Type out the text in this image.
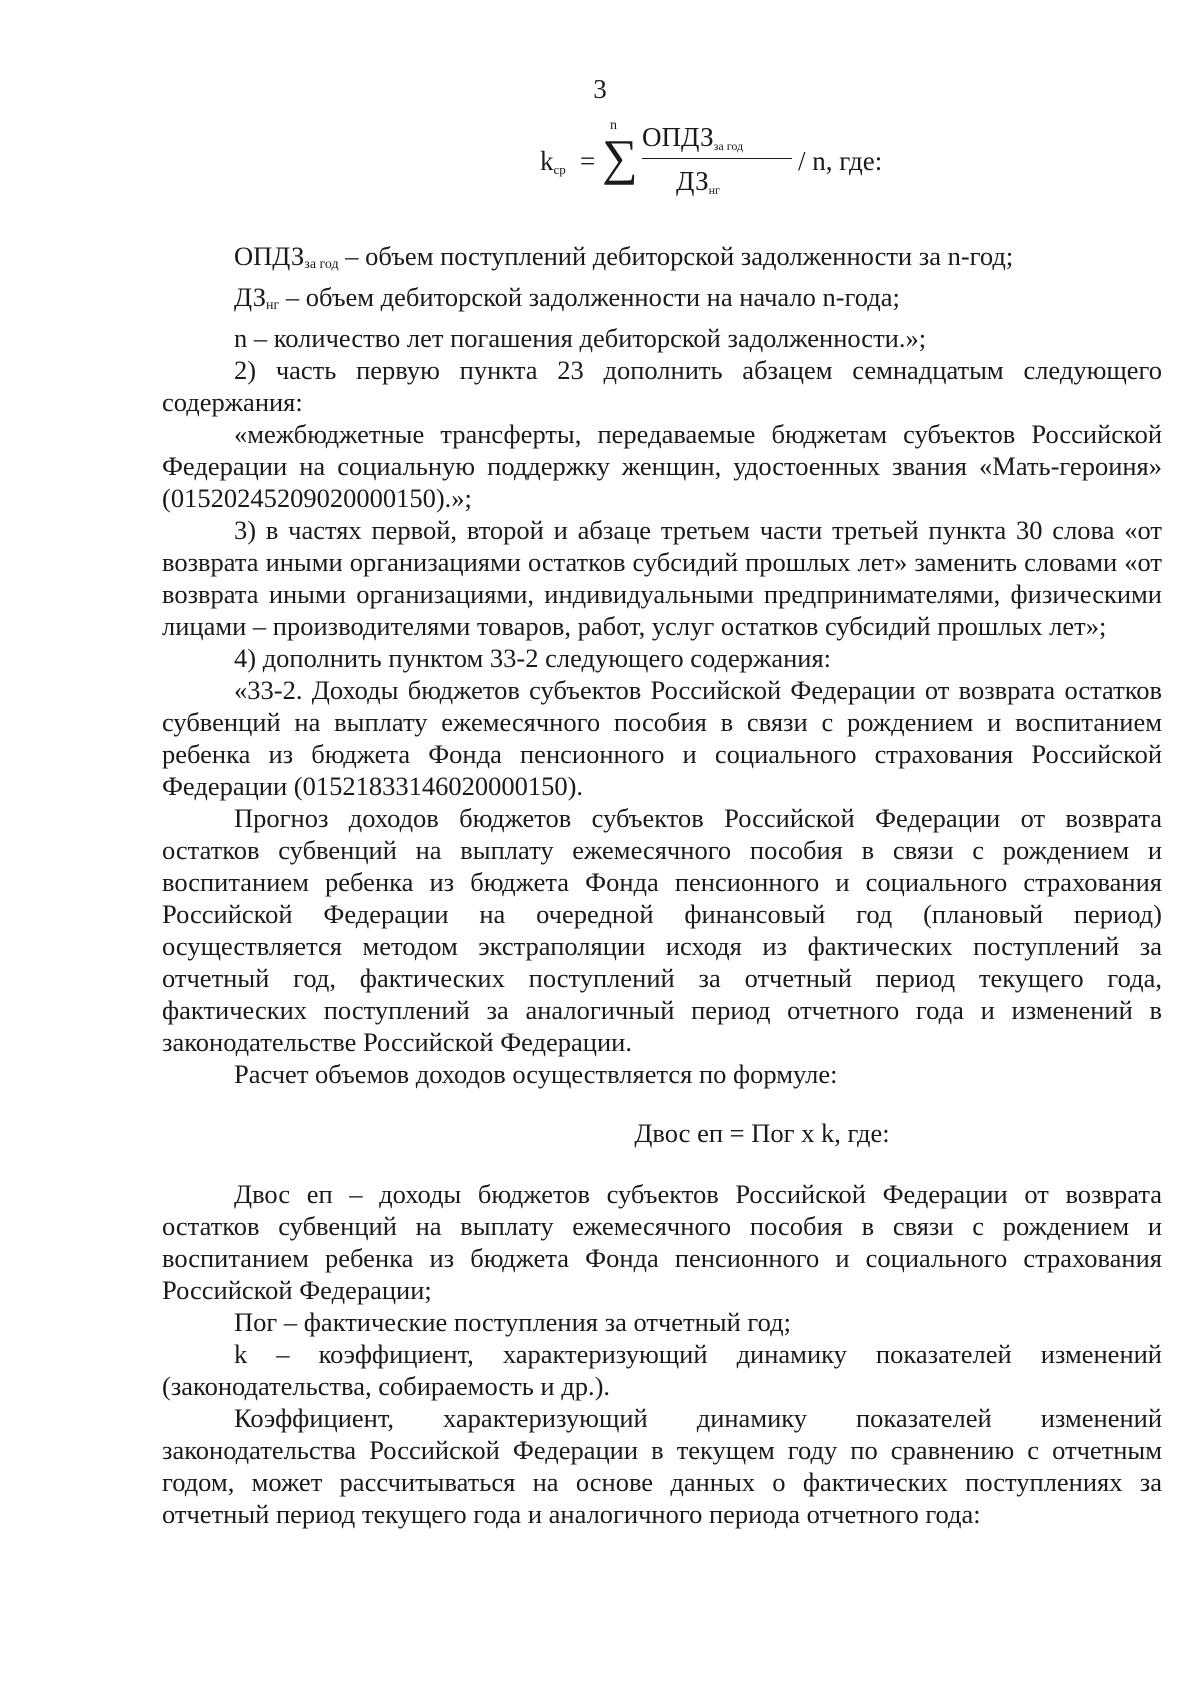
3
$k_{ср}$ =
n
∑ $ОПДЗ_{за год}$
$ДЗ_{нг}$
/ n, где:

$ОПДЗ_{за год}$ – объем поступлений дебиторской задолженности за n-год;

$ДЗ_{нг}$ – объем дебиторской задолженности на начало n-года;

n – количество лет погашения дебиторской задолженности.»;

2) часть первую пункта 23 дополнить абзацем семнадцатым следующего содержания:

«межбюджетные трансферты, передаваемые бюджетам субъектов Российской Федерации на социальную поддержку женщин, удостоенных звания «Мать-героиня» (01520245209020000150).»;

3) в частях первой, второй и абзаце третьем части третьей пункта 30 слова «от возврата иными организациями остатков субсидий прошлых лет» заменить словами «от возврата иными организациями, индивидуальными предпринимателями, физическими лицами – производителями товаров, работ, услуг остатков субсидий прошлых лет»;

4) дополнить пунктом 33-2 следующего содержания:

«33-2. Доходы бюджетов субъектов Российской Федерации от возврата остатков субвенций на выплату ежемесячного пособия в связи с рождением и воспитанием ребенка из бюджета Фонда пенсионного и социального страхования Российской Федерации (01521833146020000150).

Прогноз доходов бюджетов субъектов Российской Федерации от возврата остатков субвенций на выплату ежемесячного пособия в связи с рождением и воспитанием ребенка из бюджета Фонда пенсионного и социального страхования Российской Федерации на очередной финансовый год (плановый период) осуществляется методом экстраполяции исходя из фактических поступлений за отчетный год, фактических поступлений за отчетный период текущего года, фактических поступлений за аналогичный период отчетного года и изменений в законодательстве Российской Федерации.

Расчет объемов доходов осуществляется по формуле:

Двос еп = Пог x k, где:

Двос еп – доходы бюджетов субъектов Российской Федерации от возврата остатков субвенций на выплату ежемесячного пособия в связи с рождением и воспитанием ребенка из бюджета Фонда пенсионного и социального страхования Российской Федерации;

Пог – фактические поступления за отчетный год;

k – коэффициент, характеризующий динамику показателей изменений (законодательства, собираемость и др.).

Коэффициент, характеризующий динамику показателей изменений законодательства Российской Федерации в текущем году по сравнению с отчетным годом, может рассчитываться на основе данных о фактических поступлениях за отчетный период текущего года и аналогичного периода отчетного года:
